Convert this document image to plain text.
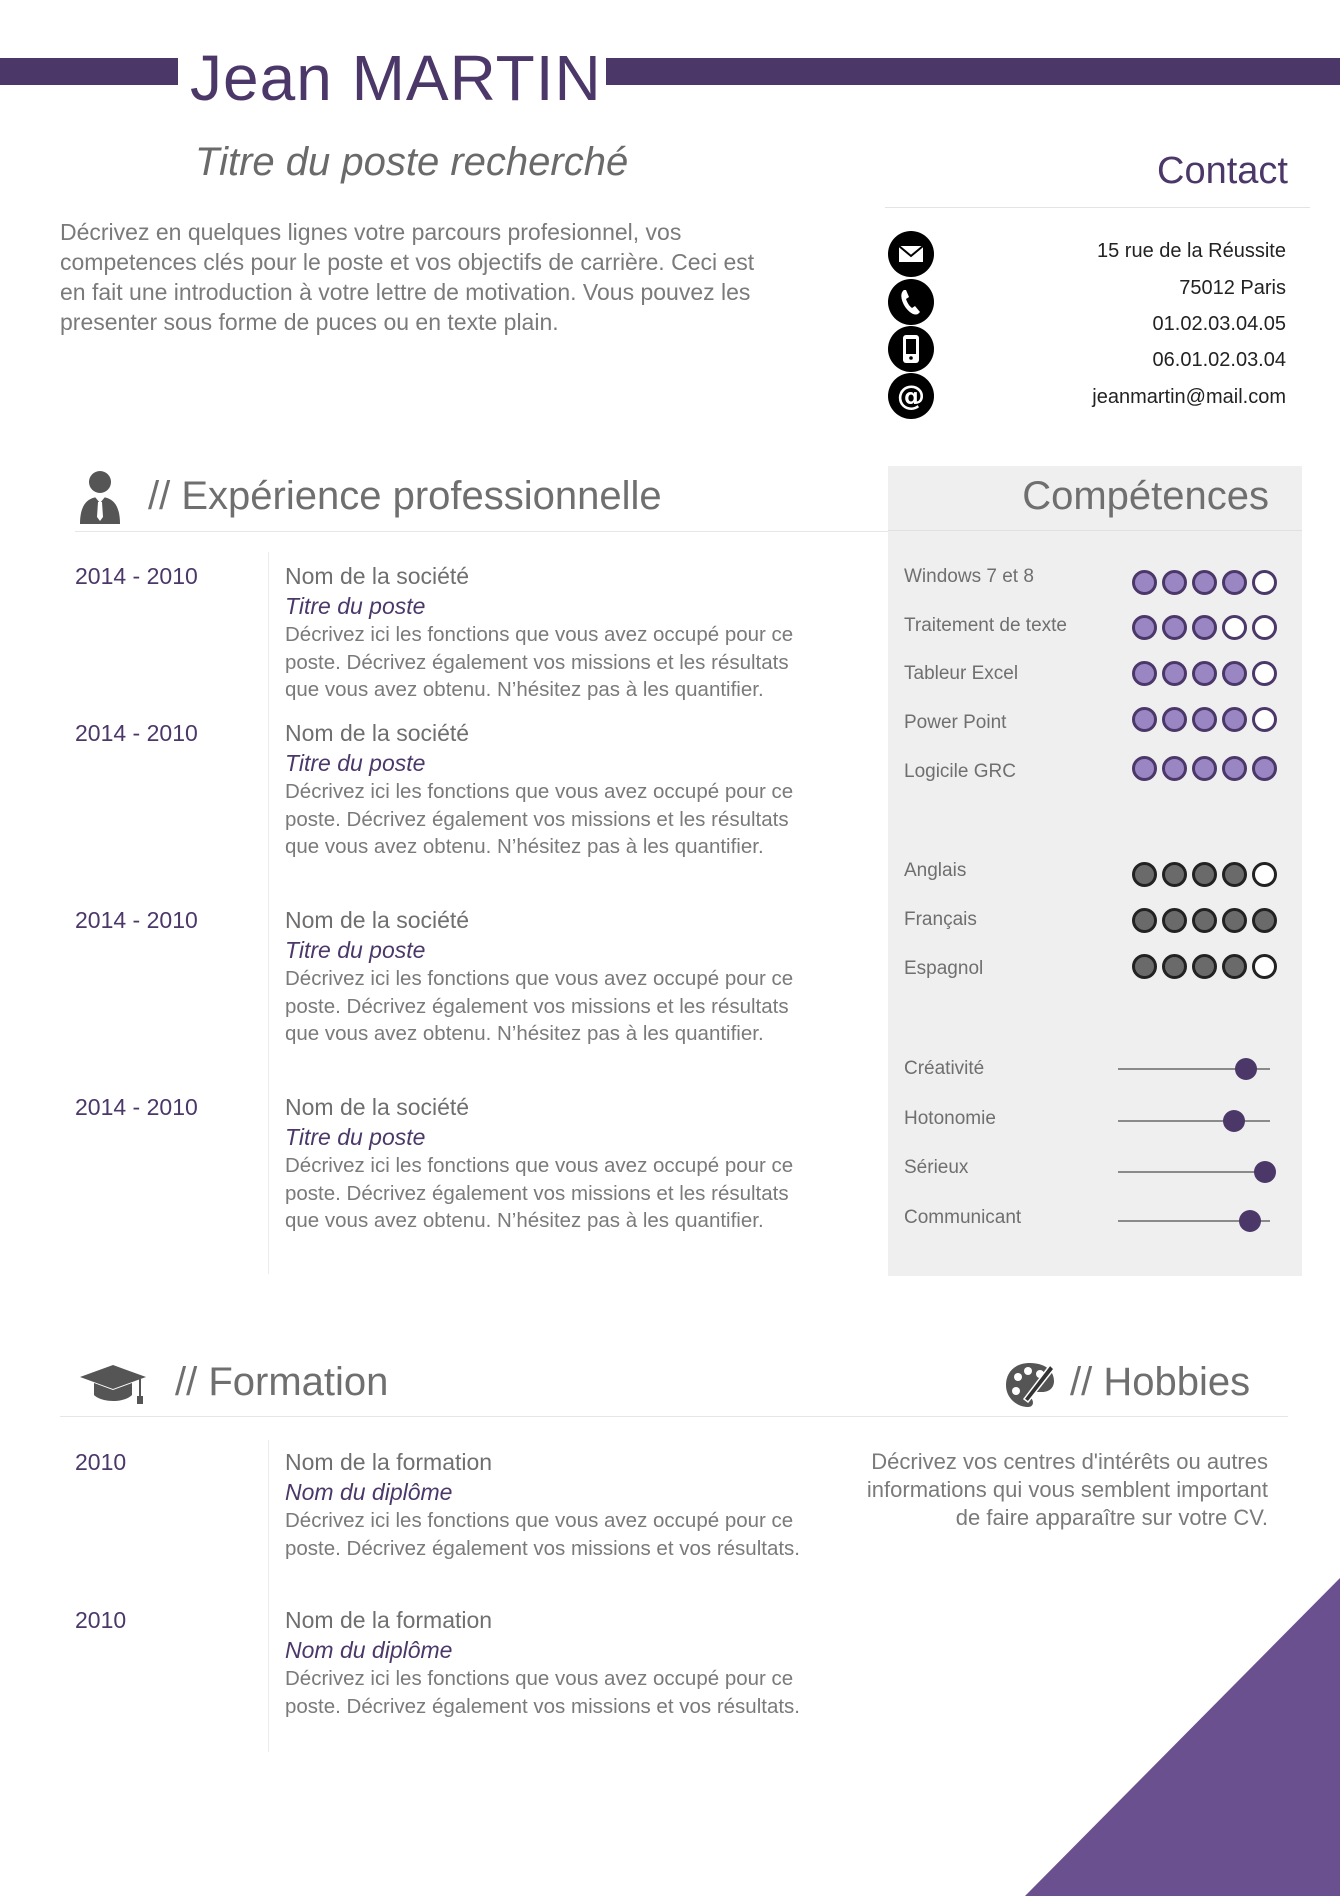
Jean MARTIN
Titre du poste recherché

Décrivez en quelques lignes votre parcours profesionnel, vos competences clés pour le poste et vos objectifs de carrière. Ceci est en fait une introduction à votre lettre de motivation. Vous pouvez les presenter sous forme de puces ou en texte plain.

Contact
@
15 rue de la Réussite
75012 Paris
01.02.03.04.05
06.01.02.03.04
jeanmartin@mail.com
// Expérience professionnelle
2014 - 2010	Nom de la société
Titre du poste

Décrivez ici les fonctions que vous avez occupé pour ce poste. Décrivez également vos missions et les résultats que vous avez obtenu. N’hésitez pas à les quantifier.

2014 - 2010	Nom de la société
Titre du poste

Décrivez ici les fonctions que vous avez occupé pour ce poste. Décrivez également vos missions et les résultats que vous avez obtenu. N’hésitez pas à les quantifier.

2014 - 2010	Nom de la société
Titre du poste

Décrivez ici les fonctions que vous avez occupé pour ce poste. Décrivez également vos missions et les résultats que vous avez obtenu. N’hésitez pas à les quantifier.

2014 - 2010	Nom de la société
Titre du poste

Décrivez ici les fonctions que vous avez occupé pour ce poste. Décrivez également vos missions et les résultats que vous avez obtenu. N’hésitez pas à les quantifier.

Compétences
Windows 7 et 8
Traitement de texte
Tableur Excel
Power Point
Logicile GRC
Anglais
Français
Espagnol
Créativité
Hotonomie
Sérieux
Communicant
// Formation
2010	Nom de la formation
Nom du diplôme

Décrivez ici les fonctions que vous avez occupé pour ce poste. Décrivez également vos missions et vos résultats.

2010	Nom de la formation
Nom du diplôme

Décrivez ici les fonctions que vous avez occupé pour ce poste. Décrivez également vos missions et vos résultats.

// Hobbies

Décrivez vos centres d'intérêts ou autres informations qui vous semblent important de faire apparaître sur votre CV.
